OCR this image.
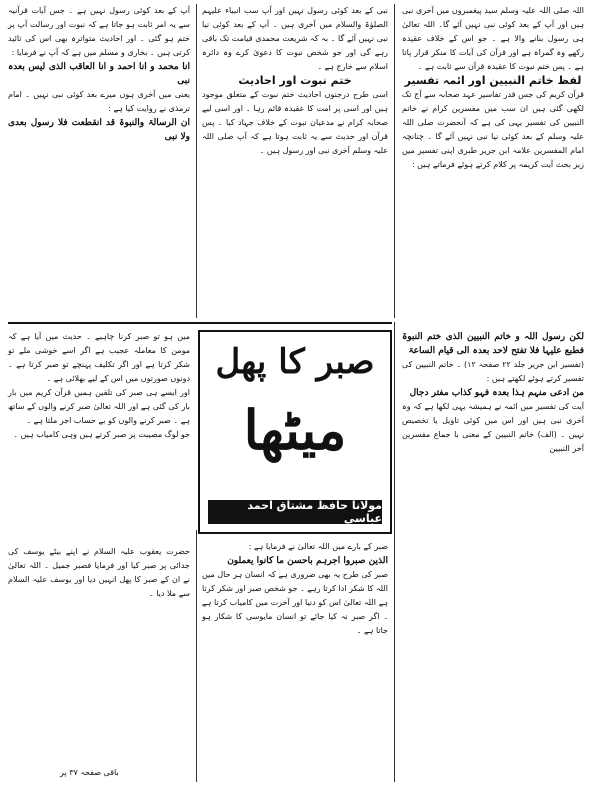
اللہ صلی اللہ علیہ وسلم سید پیغمبروں میں آخری نبی ہیں اور آپ کے بعد کوئی نبی نہیں آئے گا۔ اللہ تعالیٰ ہی رسول بنانے والا ہے ۔ جو اس کے خلاف عقیدہ رکھے وہ گمراہ ہے اور قرآن کی آیات کا منکر قرار پاتا ہے ۔ پس ختم نبوت کا عقیدہ قرآن سے ثابت ہے ۔

لفظ خاتم النبیین اور ائمہ تفسیر

قرآن کریم کی جس قدر تفاسیر عہد صحابہ سے آج تک لکھی گئی ہیں ان سب میں مفسرین کرام نے خاتم النبیین کی تفسیر یہی کی ہے کہ آنحضرت صلی اللہ علیہ وسلم کے بعد کوئی نیا نبی نہیں آئے گا ۔ چنانچہ امام المفسرین علامہ ابن جریر طبری اپنی تفسیر میں زیر بحث آیت کریمہ پر کلام کرتے ہوئے فرماتے ہیں :

نبی کے بعد کوئی رسول نہیں اور آپ سب انبیاء علیہم الصلوٰۃ والسلام میں آخری ہیں ۔ آپ کے بعد کوئی نیا نبی نہیں آئے گا ۔ بہ کہ شریعت محمدی قیامت تک باقی رہے گی اور جو شخص نبوت کا دعویٰ کرے وہ دائرہ اسلام سے خارج ہے ۔

ختم نبوت اور احادیث

اسی طرح درجنوں احادیث ختم نبوت کے متعلق موجود ہیں اور اسی پر امت کا عقیدہ قائم رہا ۔ اور اسی لیے صحابہ کرام نے مدعیان نبوت کے خلاف جہاد کیا ۔ پس قرآن اور حدیث سے یہ ثابت ہوتا ہے کہ آپ صلی اللہ علیہ وسلم آخری نبی اور رسول ہیں ۔

آپ کے بعد کوئی رسول نہیں ہے ۔ جس آیات قرآنیہ سے یہ امر ثابت ہو جاتا ہے کہ نبوت اور رسالت آپ پر ختم ہو گئی ۔ اور احادیث متواترہ بھی اس کی تائید کرتی ہیں ۔ بخاری و مسلم میں ہے کہ آپ نے فرمایا :

انا محمد و انا احمد و انا العاقب الذی لیس بعدہ نبی

یعنی میں آخری ہوں میرے بعد کوئی نبی نہیں ۔ امام ترمذی نے روایت کیا ہے :

ان الرسالۃ والنبوۃ قد انقطعت فلا رسول بعدی ولا نبی

لکن رسول اللہ و خاتم النبیین الذی ختم النبوۃ فطبع علیہا فلا تفتح لاحد بعدہ الی قیام الساعۃ

(تفسیر ابن جریر جلد ۲۲ صفحہ ۱۲) ۔ خاتم النبیین کی تفسیر کرتے ہوئے لکھتے ہیں :

من ادعی منہم ہذا بعدہ فہو کذاب مفتر دجال

آیت کی تفسیر میں ائمہ نے ہمیشہ یہی لکھا ہے کہ وہ آخری نبی ہیں اور اس میں کوئی تاویل یا تخصیص نہیں ۔ (الف) خاتم النبیین کے معنی با جماع مفسرین آخر النبیین

صبر کا پھل
میٹھا
مولانا حافظ مشتاق احمد عباسی

میں ہو تو صبر کرنا چاہیے ۔ حدیث میں آیا ہے کہ مومن کا معاملہ عجیب ہے اگر اسے خوشی ملے تو شکر کرتا ہے اور اگر تکلیف پہنچے تو صبر کرتا ہے ۔ دونوں صورتوں میں اس کے لیے بھلائی ہے ۔

اور ایسے ہی صبر کی تلقین ہمیں قرآن کریم میں بار بار کی گئی ہے اور اللہ تعالیٰ صبر کرنے والوں کے ساتھ ہے ۔ صبر کرنے والوں کو بے حساب اجر ملتا ہے ۔

جو لوگ مصیبت پر صبر کرتے ہیں وہی کامیاب ہیں ۔

حضرت یعقوب علیہ السلام نے اپنے بیٹے یوسف کی جدائی پر صبر کیا اور فرمایا فصبر جمیل ۔ اللہ تعالیٰ نے ان کے صبر کا پھل انہیں دیا اور یوسف علیہ السلام سے ملا دیا ۔

باقی صفحہ ۳۷ پر

صبر کے بارے میں اللہ تعالیٰ نے فرمایا ہے :

الذین صبروا اجرہم باحسن ما کانوا یعملون

صبر کی طرح یہ بھی ضروری ہے کہ انسان ہر حال میں اللہ کا شکر ادا کرتا رہے ۔ جو شخص صبر اور شکر کرتا ہے اللہ تعالیٰ اس کو دنیا اور آخرت میں کامیاب کرتا ہے ۔ اگر صبر نہ کیا جائے تو انسان مایوسی کا شکار ہو جاتا ہے ۔
